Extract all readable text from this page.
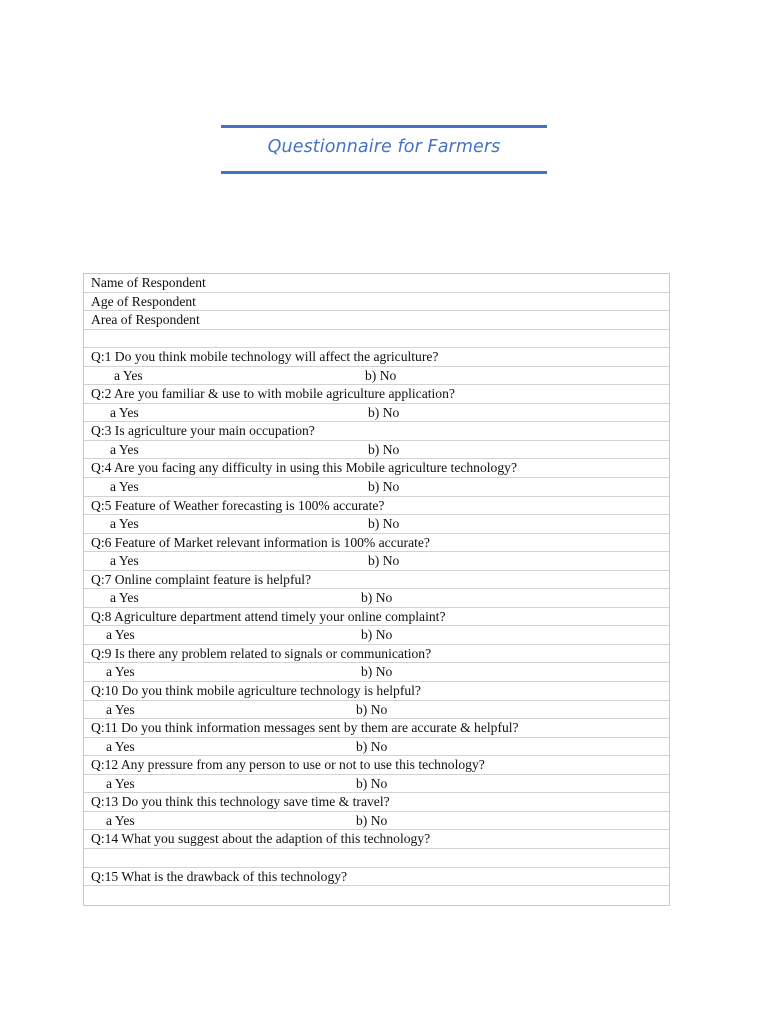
Questionnaire for Farmers
Name of Respondent
Age of Respondent
Area of Respondent
Q:1 Do you think mobile technology will affect the agriculture?
a Yes	b) No
Q:2 Are you familiar & use to with mobile agriculture application?
a Yes	b) No
Q:3 Is agriculture your main occupation?
a Yes	b) No
Q:4 Are you facing any difficulty in using this Mobile agriculture technology?
a Yes	b) No
Q:5 Feature of Weather forecasting is 100% accurate?
a Yes	b) No
Q:6 Feature of Market relevant information is 100% accurate?
a Yes	b) No
Q:7 Online complaint feature is helpful?
a Yes	b) No
Q:8 Agriculture department attend timely your online complaint?
a Yes	b) No
Q:9 Is there any problem related to signals or communication?
a Yes	b) No
Q:10 Do you think mobile agriculture technology is helpful?
a Yes	b) No
Q:11 Do you think information messages sent by them are accurate & helpful?
a Yes	b) No
Q:12 Any pressure from any person to use or not to use this technology?
a Yes	b) No
Q:13 Do you think this technology save time & travel?
a Yes	b) No
Q:14 What you suggest about the adaption of this technology?
Q:15 What is the drawback of this technology?
